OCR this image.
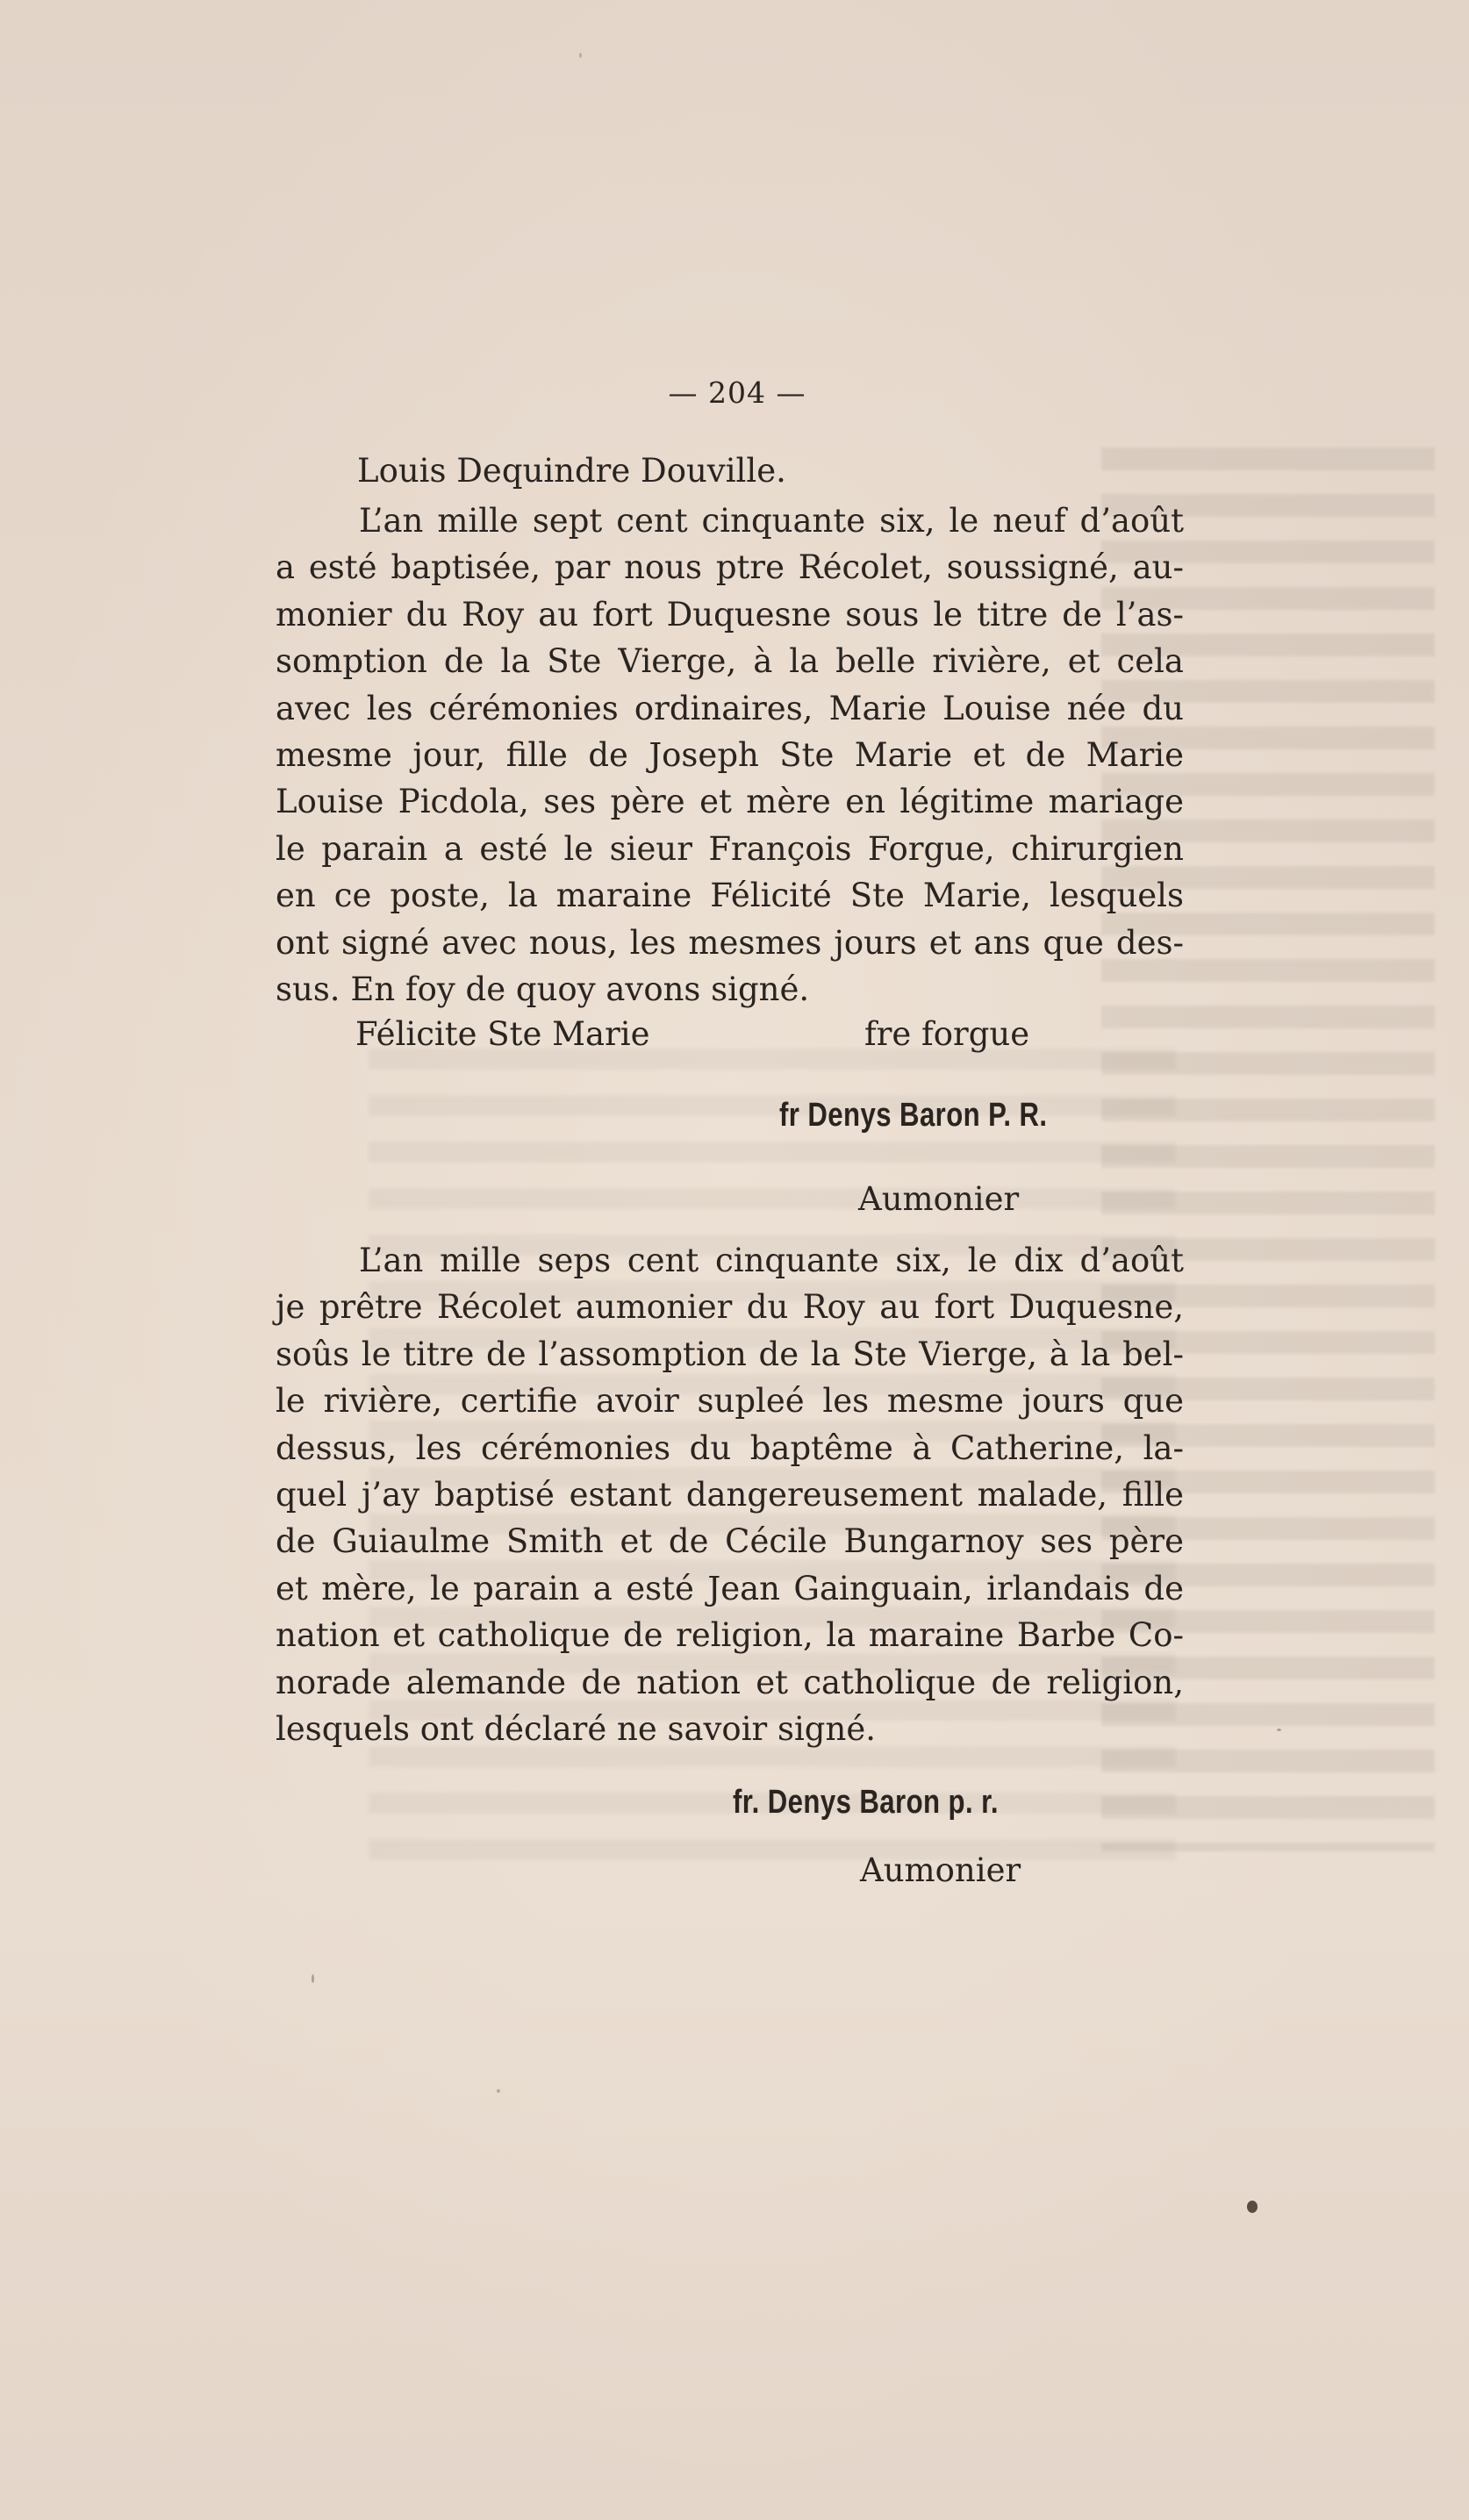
— 204 —
Louis Dequindre Douville.
L’an mille sept cent cinquante six, le neuf d’août
a esté baptisée, par nous ptre Récolet, soussigné, au-
monier du Roy au fort Duquesne sous le titre de l’as-
somption de la Ste Vierge, à la belle rivière, et cela
avec les cérémonies ordinaires, Marie Louise née du
mesme jour, fille de Joseph Ste Marie et de Marie
Louise Picdola, ses père et mère en légitime mariage
le parain a esté le sieur François Forgue, chirurgien
en ce poste, la maraine Félicité Ste Marie, lesquels
ont signé avec nous, les mesmes jours et ans que des-
sus. En foy de quoy avons signé.
Félicite Ste Marie	fre forgue
fr Denys Baron P. R.
Aumonier
L’an mille seps cent cinquante six, le dix d’août
je prêtre Récolet aumonier du Roy au fort Duquesne,
soûs le titre de l’assomption de la Ste Vierge, à la bel-
le rivière, certifie avoir supleé les mesme jours que
dessus, les cérémonies du baptême à Catherine, la-
quel j’ay baptisé estant dangereusement malade, fille
de Guiaulme Smith et de Cécile Bungarnoy ses père
et mère, le parain a esté Jean Gainguain, irlandais de
nation et catholique de religion, la maraine Barbe Co-
norade alemande de nation et catholique de religion,
lesquels ont déclaré ne savoir signé.
fr. Denys Baron p. r.
Aumonier
